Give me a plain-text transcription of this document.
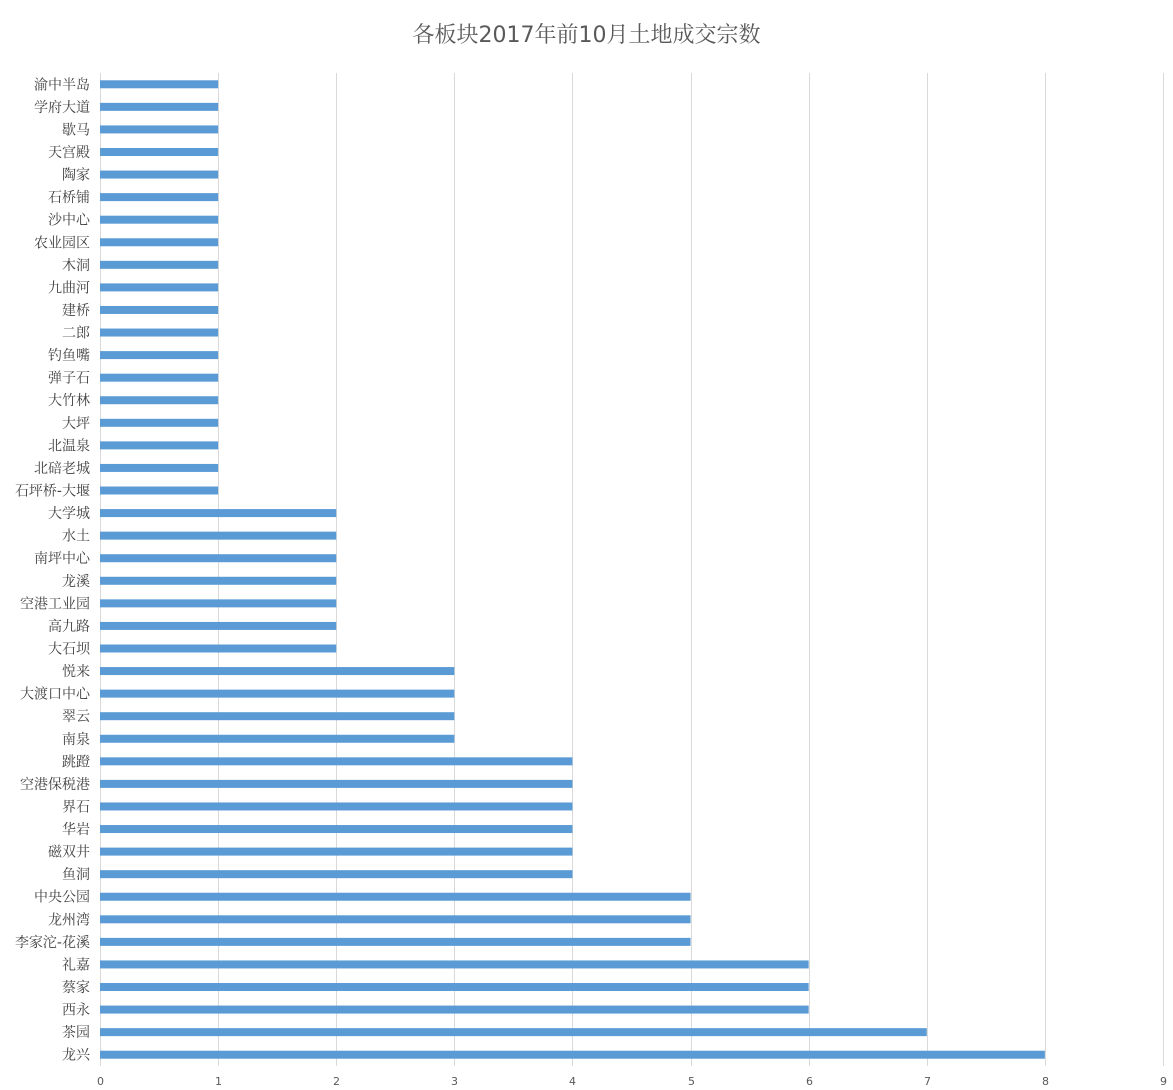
各板块2017年前10月土地成交宗数
渝中半岛
学府大道
歇马
天宫殿
陶家
石桥铺
沙中心
农业园区
木洞
九曲河
建桥
二郎
钓鱼嘴
弹子石
大竹林
大坪
北温泉
北碚老城
石坪桥-大堰
大学城
水土
南坪中心
龙溪
空港工业园
高九路
大石坝
悦来
大渡口中心
翠云
南泉
跳蹬
空港保税港
界石
华岩
磁双井
鱼洞
中央公园
龙州湾
李家沱-花溪
礼嘉
蔡家
西永
茶园
龙兴
0	1	2	3	4	5	6	7	8	9
